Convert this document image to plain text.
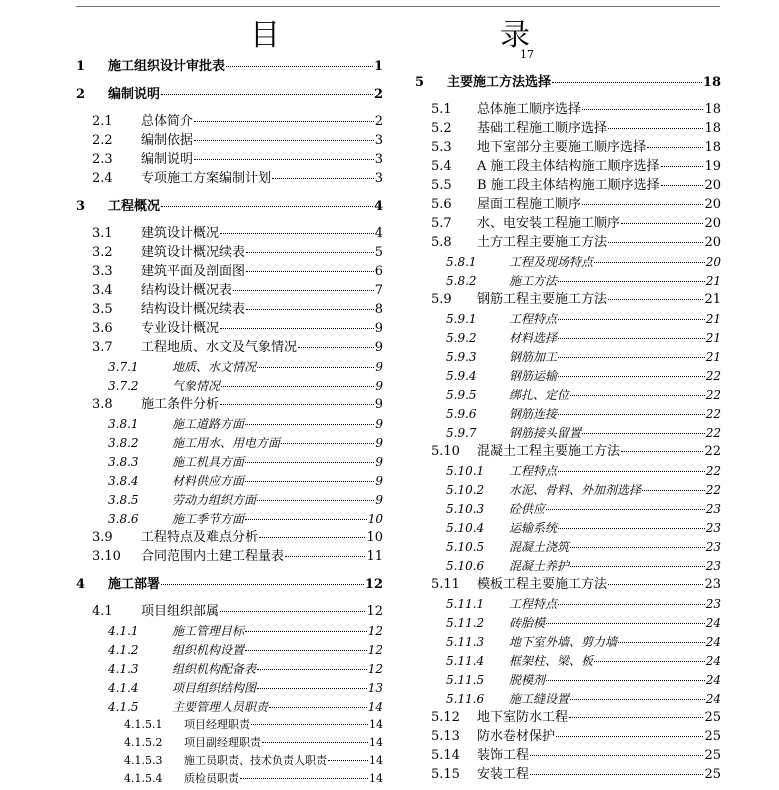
目	录
17
1	施工组织设计审批表	1
2	编制说明	2
2.1	总体简介	2
2.2	编制依据	3
2.3	编制说明	3
2.4	专项施工方案编制计划	3
3	工程概况	4
3.1	建筑设计概况	4
3.2	建筑设计概况续表	5
3.3	建筑平面及剖面图	6
3.4	结构设计概况表	7
3.5	结构设计概况续表	8
3.6	专业设计概况	9
3.7	工程地质、水文及气象情况	9
3.7.1	地质、水文情况	9
3.7.2	气象情况	9
3.8	施工条件分析	9
3.8.1	施工道路方面	9
3.8.2	施工用水、用电方面	9
3.8.3	施工机具方面	9
3.8.4	材料供应方面	9
3.8.5	劳动力组织方面	9
3.8.6	施工季节方面	10
3.9	工程特点及难点分析	10
3.10	合同范围内土建工程量表	11
4	施工部署	12
4.1	项目组织部属	12
4.1.1	施工管理目标	12
4.1.2	组织机构设置	12
4.1.3	组织机构配备表	12
4.1.4	项目组织结构图	13
4.1.5	主要管理人员职责	14
4.1.5.1	项目经理职责	14
4.1.5.2	项目副经理职责	14
4.1.5.3	施工员职责、技术负责人职责	14
4.1.5.4	质检员职责	14
5	主要施工方法选择	18
5.1	总体施工顺序选择	18
5.2	基础工程施工顺序选择	18
5.3	地下室部分主要施工顺序选择	18
5.4	A 施工段主体结构施工顺序选择	19
5.5	B 施工段主体结构施工顺序选择	20
5.6	屋面工程施工顺序	20
5.7	水、电安装工程施工顺序	20
5.8	土方工程主要施工方法	20
5.8.1	工程及现场特点	20
5.8.2	施工方法	21
5.9	钢筋工程主要施工方法	21
5.9.1	工程特点	21
5.9.2	材料选择	21
5.9.3	钢筋加工	21
5.9.4	钢筋运输	22
5.9.5	绑扎、定位	22
5.9.6	钢筋连接	22
5.9.7	钢筋接头留置	22
5.10	混凝土工程主要施工方法	22
5.10.1	工程特点	22
5.10.2	水泥、骨料、外加剂选择	22
5.10.3	砼供应	23
5.10.4	运输系统	23
5.10.5	混凝土浇筑	23
5.10.6	混凝土养护	23
5.11	模板工程主要施工方法	23
5.11.1	工程特点	23
5.11.2	砖胎模	24
5.11.3	地下室外墙、剪力墙	24
5.11.4	框架柱、梁、板	24
5.11.5	脱模剂	24
5.11.6	施工缝设置	24
5.12	地下室防水工程	25
5.13	防水卷材保护	25
5.14	装饰工程	25
5.15	安装工程	25
